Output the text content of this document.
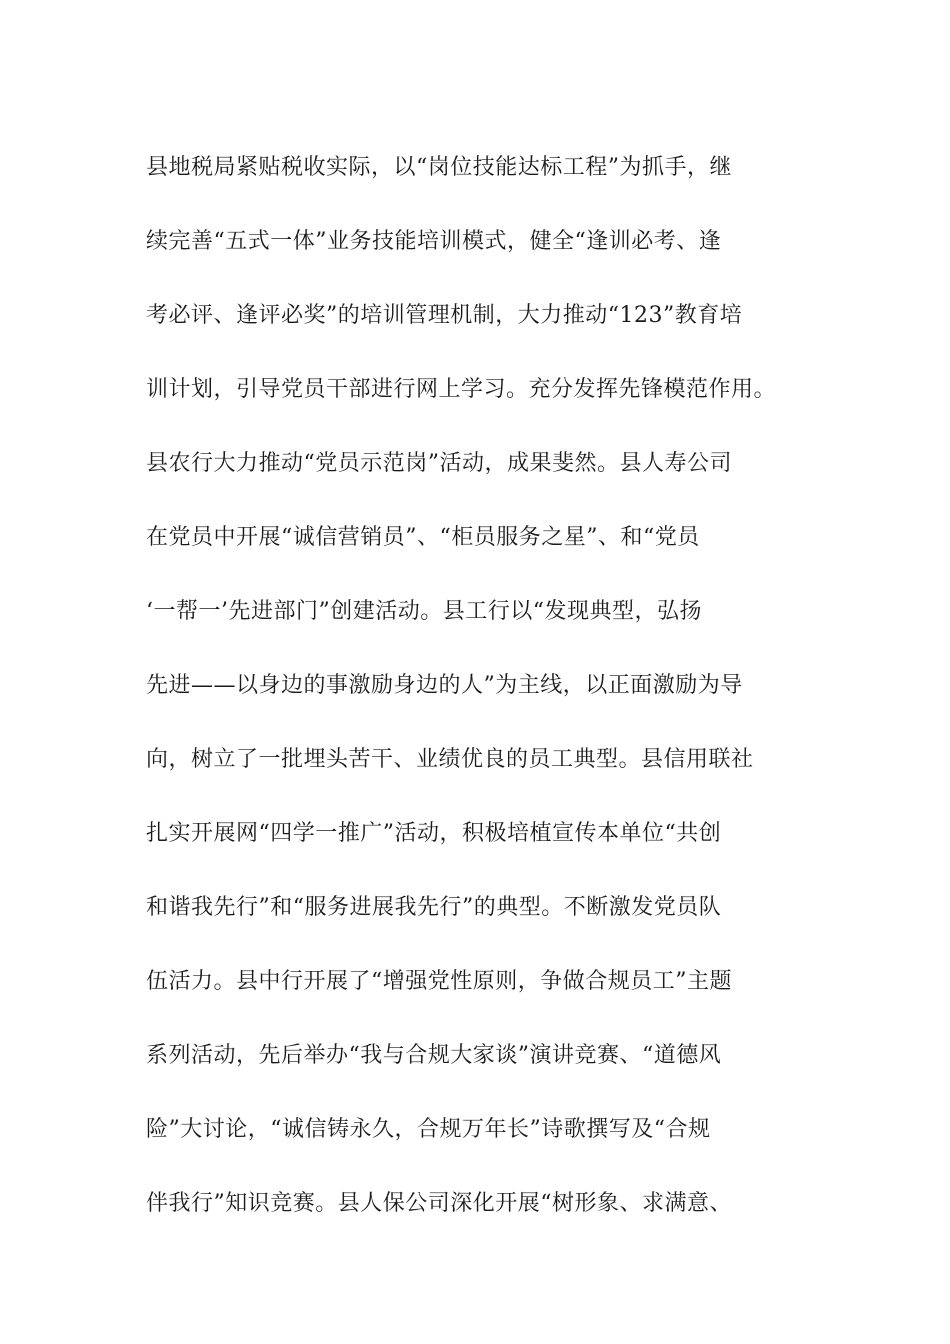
县地税局紧贴税收实际，以“岗位技能达标工程”为抓手，继
续完善“五式一体”业务技能培训模式，健全“逢训必考、逢
考必评、逢评必奖”的培训管理机制，大力推动“123”教育培
训计划，引导党员干部进行网上学习。充分发挥先锋模范作用。
县农行大力推动“党员示范岗”活动，成果斐然。县人寿公司
在党员中开展“诚信营销员”、“柜员服务之星”、和“党员
‘一帮一’先进部门”创建活动。县工行以“发现典型，弘扬
先进——以身边的事激励身边的人”为主线，以正面激励为导
向，树立了一批埋头苦干、业绩优良的员工典型。县信用联社
扎实开展网“四学一推广”活动，积极培植宣传本单位“共创
和谐我先行”和“服务进展我先行”的典型。不断激发党员队
伍活力。县中行开展了“增强党性原则，争做合规员工”主题
系列活动，先后举办“我与合规大家谈”演讲竞赛、“道德风
险”大讨论，“诚信铸永久，合规万年长”诗歌撰写及“合规
伴我行”知识竞赛。县人保公司深化开展“树形象、求满意、
